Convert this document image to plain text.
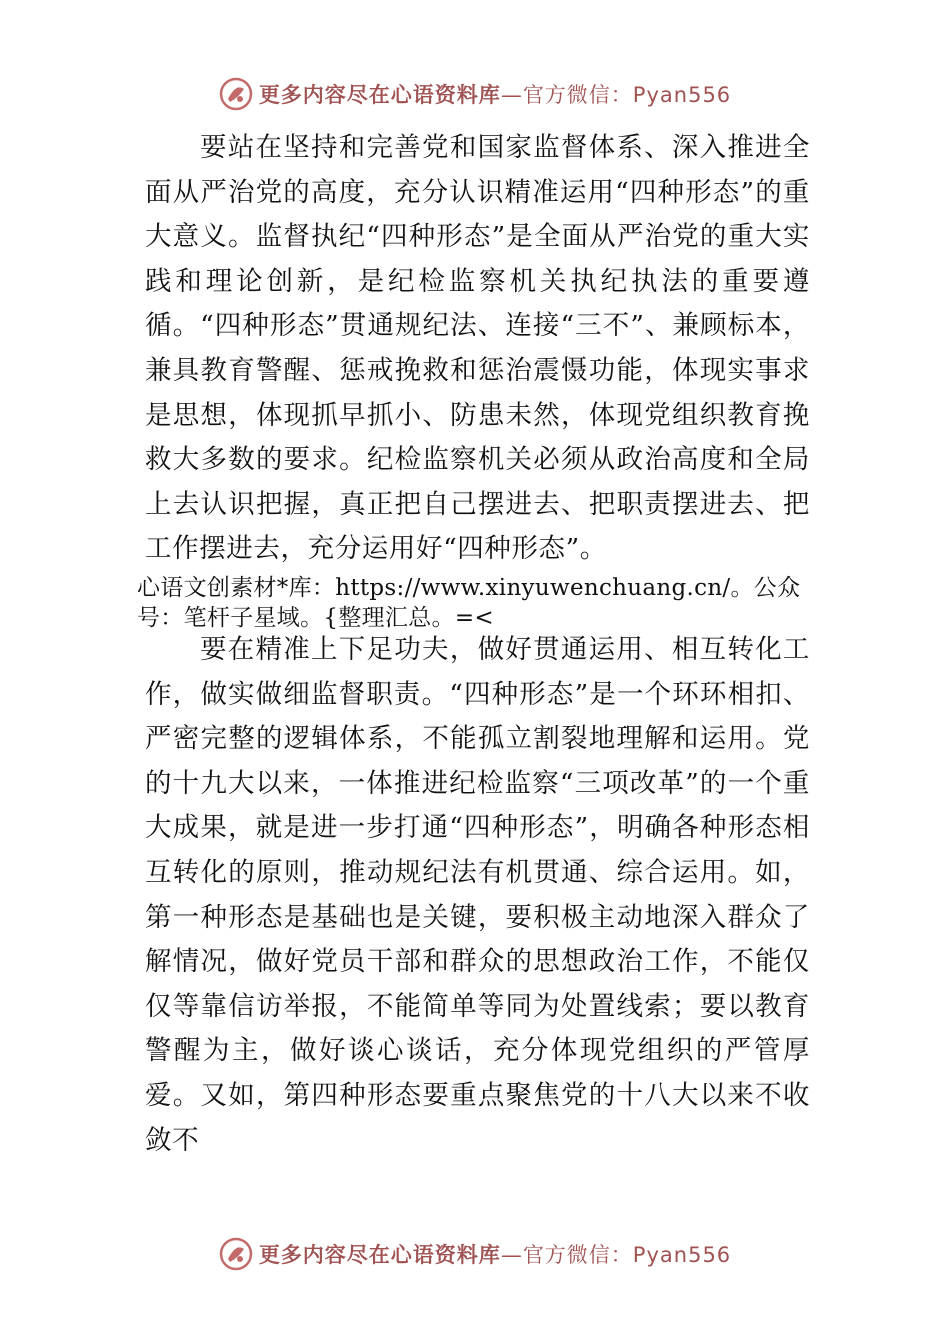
更多内容尽在心语资料库—官方微信：Pyan556
要站在坚持和完善党和国家监督体系、深入推进全面从严治党的高度，充分认识精准运用“四种形态”的重大意义。监督执纪“四种形态”是全面从严治党的重大实践和理论创新，是纪检监察机关执纪执法的重要遵循。“四种形态”贯通规纪法、连接“三不”、兼顾标本，兼具教育警醒、惩戒挽救和惩治震慑功能，体现实事求是思想，体现抓早抓小、防患未然，体现党组织教育挽救大多数的要求。纪检监察机关必须从政治高度和全局上去认识把握，真正把自己摆进去、把职责摆进去、把工作摆进去，充分运用好“四种形态”。
心语文创素材*库：https://www.xinyuwenchuang.cn/。公众号：笔杆子星域。{整理汇总。=<
要在精准上下足功夫，做好贯通运用、相互转化工作，做实做细监督职责。“四种形态”是一个环环相扣、严密完整的逻辑体系，不能孤立割裂地理解和运用。党的十九大以来，一体推进纪检监察“三项改革”的一个重大成果，就是进一步打通“四种形态”，明确各种形态相互转化的原则，推动规纪法有机贯通、综合运用。如，第一种形态是基础也是关键，要积极主动地深入群众了解情况，做好党员干部和群众的思想政治工作，不能仅仅等靠信访举报，不能简单等同为处置线索；要以教育警醒为主，做好谈心谈话，充分体现党组织的严管厚爱。又如，第四种形态要重点聚焦党的十八大以来不收敛不
更多内容尽在心语资料库—官方微信：Pyan556
